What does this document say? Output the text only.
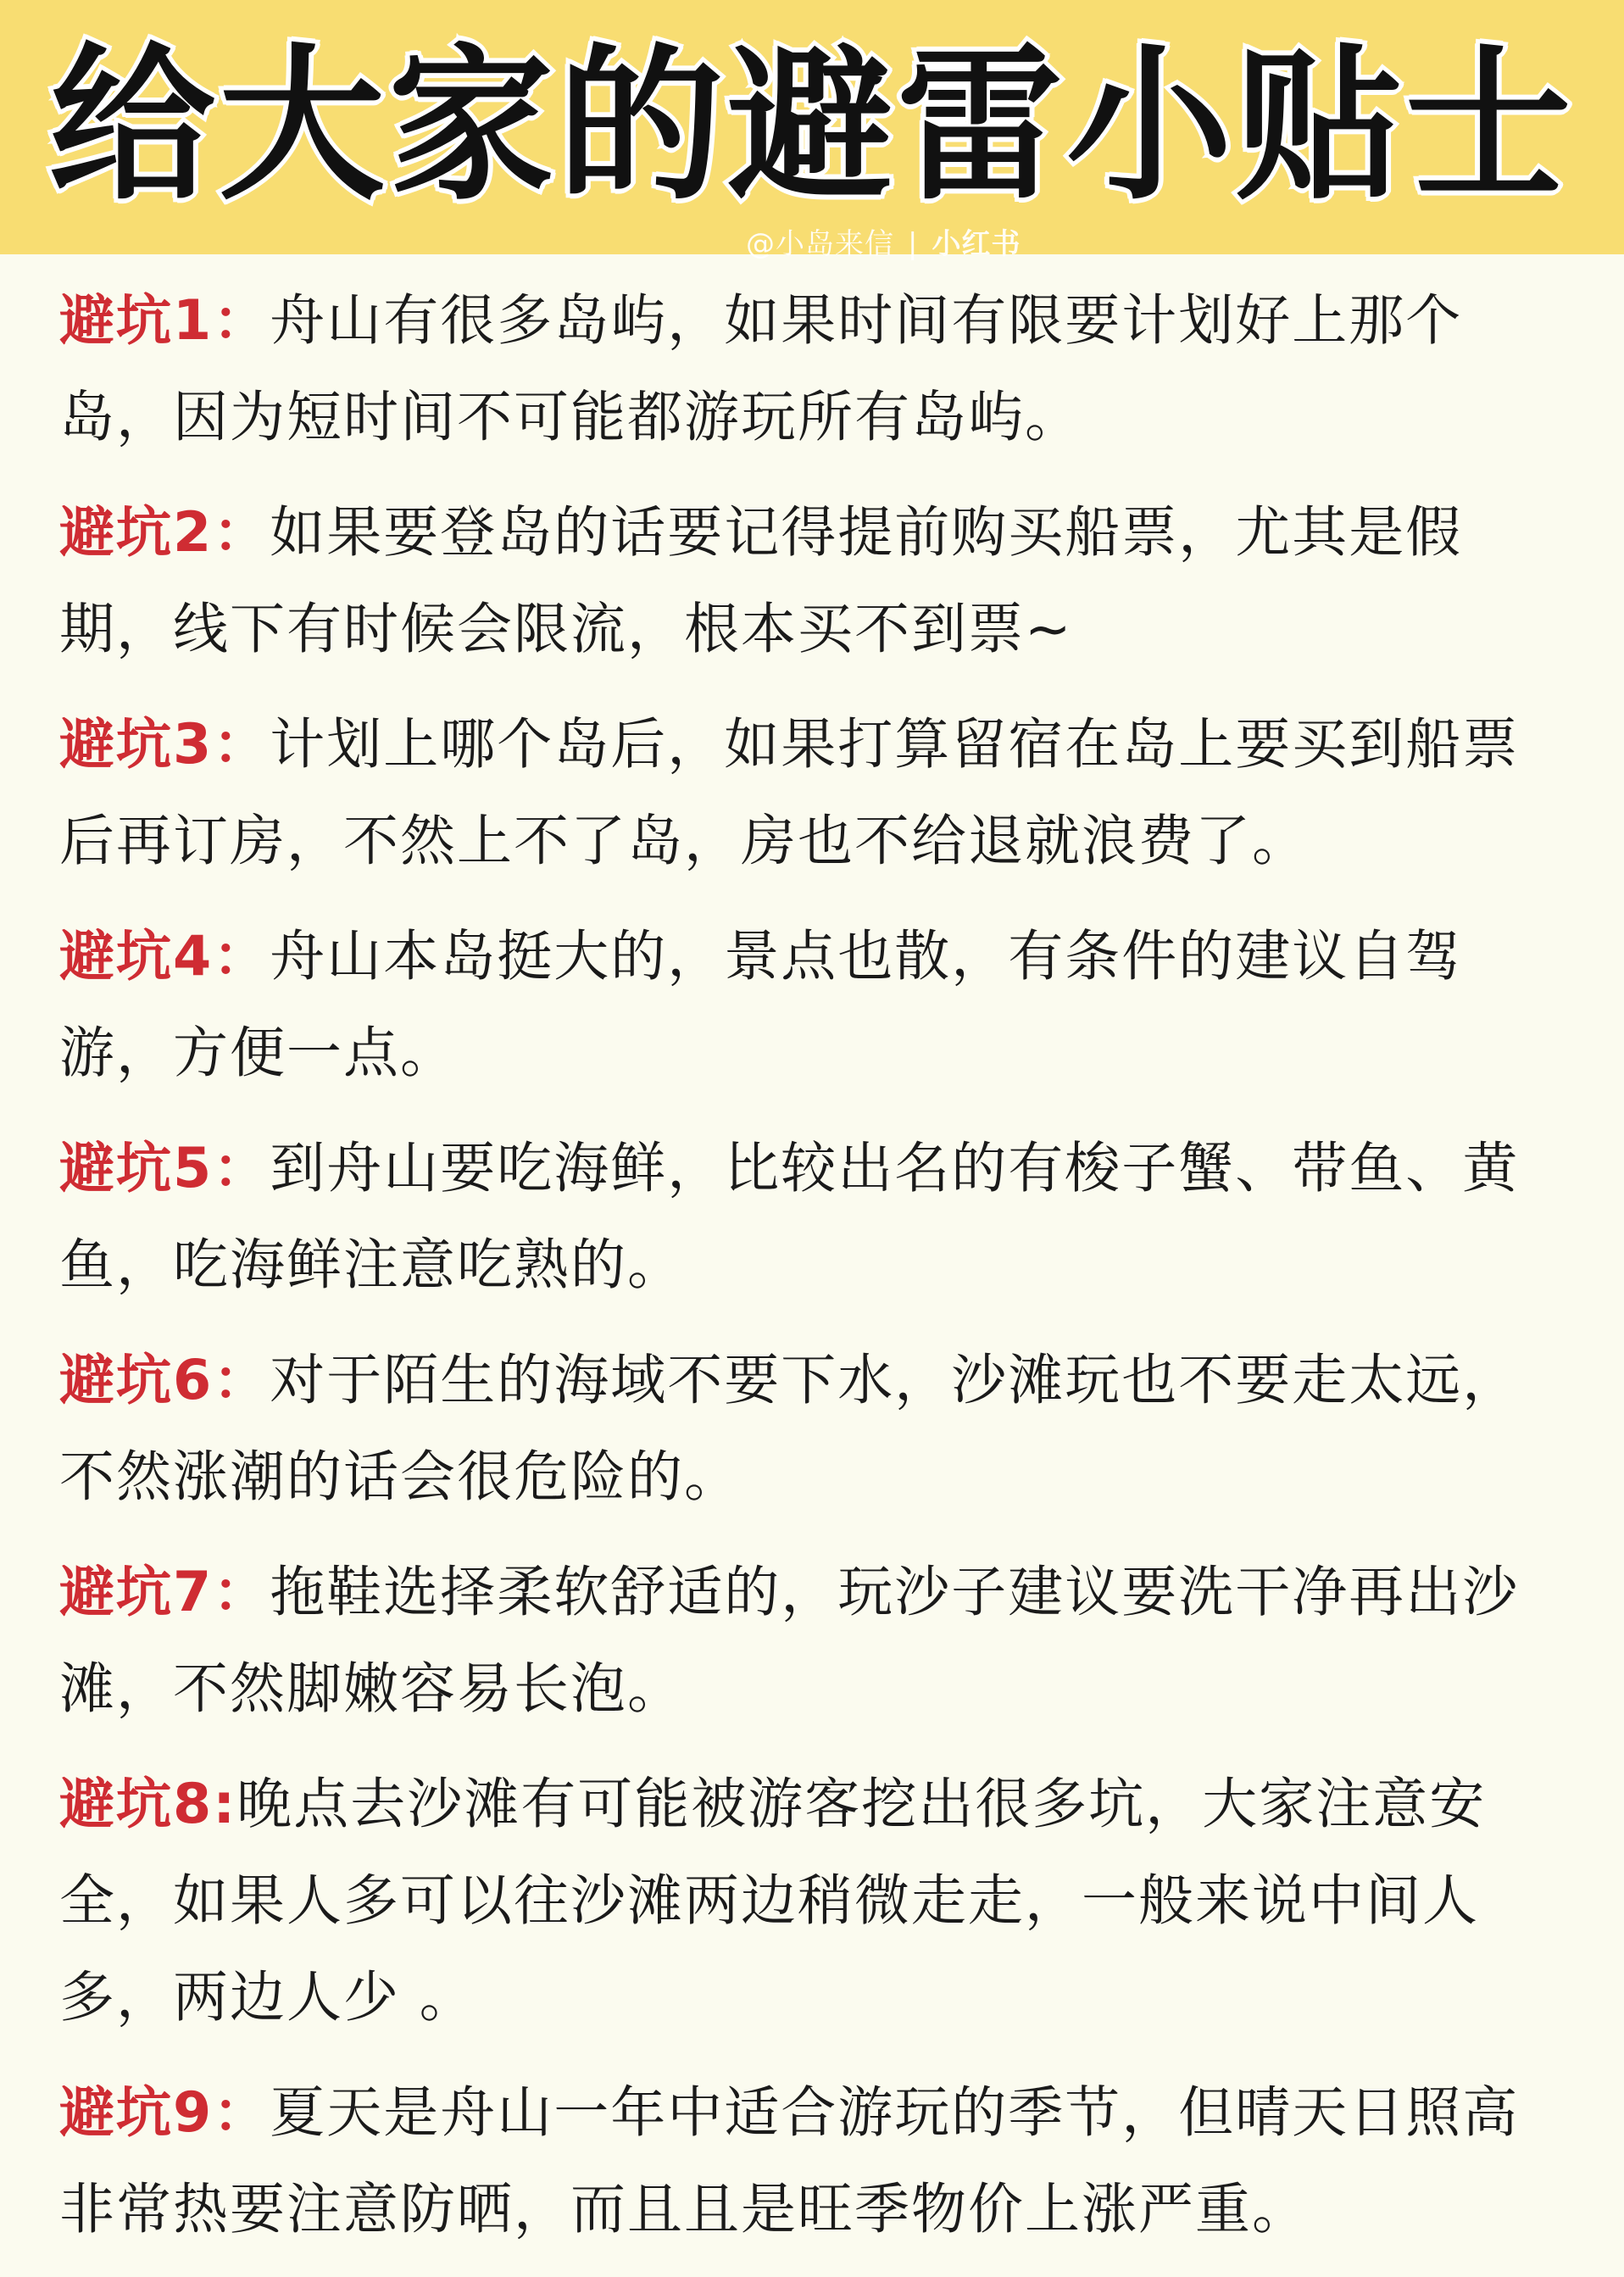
给大家的避雷小贴士
@小岛来信 | 小红书

避坑1：舟山有很多岛屿，如果时间有限要计划好上那个岛，因为短时间不可能都游玩所有岛屿。

避坑2：如果要登岛的话要记得提前购买船票，尤其是假期，线下有时候会限流，根本买不到票~

避坑3：计划上哪个岛后，如果打算留宿在岛上要买到船票后再订房，不然上不了岛，房也不给退就浪费了。

避坑4：舟山本岛挺大的，景点也散，有条件的建议自驾游，方便一点。

避坑5：到舟山要吃海鲜，比较出名的有梭子蟹、带鱼、黄鱼，吃海鲜注意吃熟的。

避坑6：对于陌生的海域不要下水，沙滩玩也不要走太远，不然涨潮的话会很危险的。

避坑7：拖鞋选择柔软舒适的，玩沙子建议要洗干净再出沙滩，不然脚嫩容易长泡。

避坑8:晚点去沙滩有可能被游客挖出很多坑，大家注意安全，如果人多可以往沙滩两边稍微走走，一般来说中间人多，两边人少 。

避坑9：夏天是舟山一年中适合游玩的季节，但晴天日照高非常热要注意防晒，而且且是旺季物价上涨严重。
